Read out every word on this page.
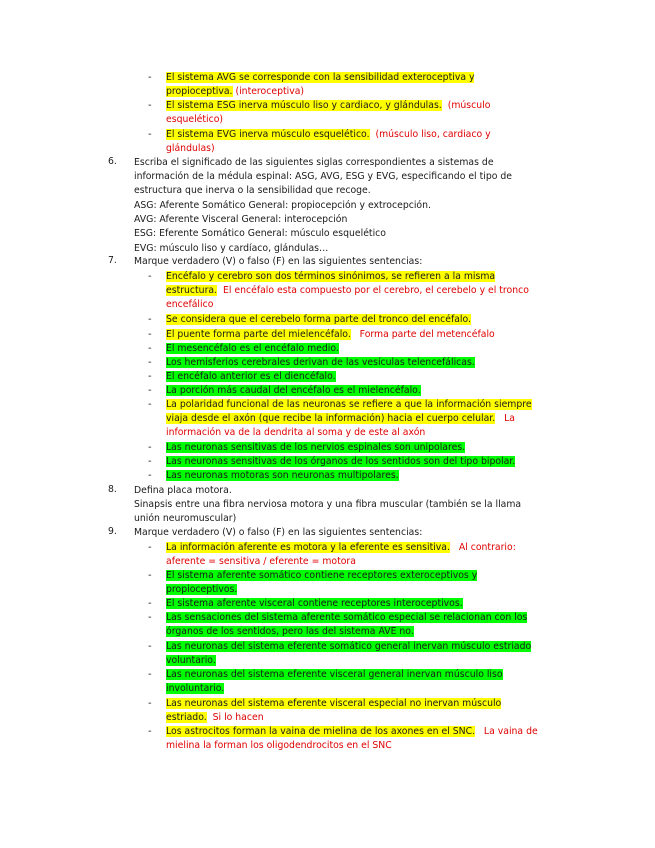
- El sistema AVG se corresponde con la sensibilidad exteroceptiva y propioceptiva. (interoceptiva)
- El sistema ESG inerva músculo liso y cardiaco, y glándulas. (músculo esquelético)
- El sistema EVG inerva músculo esquelético. (músculo liso, cardiaco y glándulas)
6. Escriba el significado de las siguientes siglas correspondientes a sistemas de información de la médula espinal: ASG, AVG, ESG y EVG, especificando el tipo de estructura que inerva o la sensibilidad que recoge.
ASG: Aferente Somático General: propiocepción y extrocepción.
AVG: Aferente Visceral General: interocepción
ESG: Eferente Somático General: músculo esquelético
EVG: músculo liso y cardíaco, glándulas…
7. Marque verdadero (V) o falso (F) en las siguientes sentencias:
- Encéfalo y cerebro son dos términos sinónimos, se refieren a la misma estructura. El encéfalo esta compuesto por el cerebro, el cerebelo y el tronco encefálico
- Se considera que el cerebelo forma parte del tronco del encéfalo.
- El puente forma parte del mielencéfalo. Forma parte del metencéfalo
- El mesencéfalo es el encéfalo medio.
- Los hemisferios cerebrales derivan de las vesículas telencefálicas.
- El encéfalo anterior es el diencéfalo.
- La porción más caudal del encéfalo es el mielencéfalo.
- La polaridad funcional de las neuronas se refiere a que la información siempre viaja desde el axón (que recibe la información) hacia el cuerpo celular. La información va de la dendrita al soma y de este al axón
- Las neuronas sensitivas de los nervios espinales son unipolares.
- Las neuronas sensitivas de los órganos de los sentidos son del tipo bipolar.
- Las neuronas motoras son neuronas multipolares.
8. Defina placa motora.
Sinapsis entre una fibra nerviosa motora y una fibra muscular (también se la llama unión neuromuscular)
9. Marque verdadero (V) o falso (F) en las siguientes sentencias:
- La información aferente es motora y la eferente es sensitiva. Al contrario: aferente = sensitiva / eferente = motora
- El sistema aferente somático contiene receptores exteroceptivos y propioceptivos.
- El sistema aferente visceral contiene receptores interoceptivos.
- Las sensaciones del sistema aferente somático especial se relacionan con los órganos de los sentidos, pero las del sistema AVE no.
- Las neuronas del sistema eferente somático general inervan músculo estriado voluntario.
- Las neuronas del sistema eferente visceral general inervan músculo liso involuntario.
- Las neuronas del sistema eferente visceral especial no inervan músculo estriado. Si lo hacen
- Los astrocitos forman la vaina de mielina de los axones en el SNC. La vaina de mielina la forman los oligodendrocitos en el SNC
